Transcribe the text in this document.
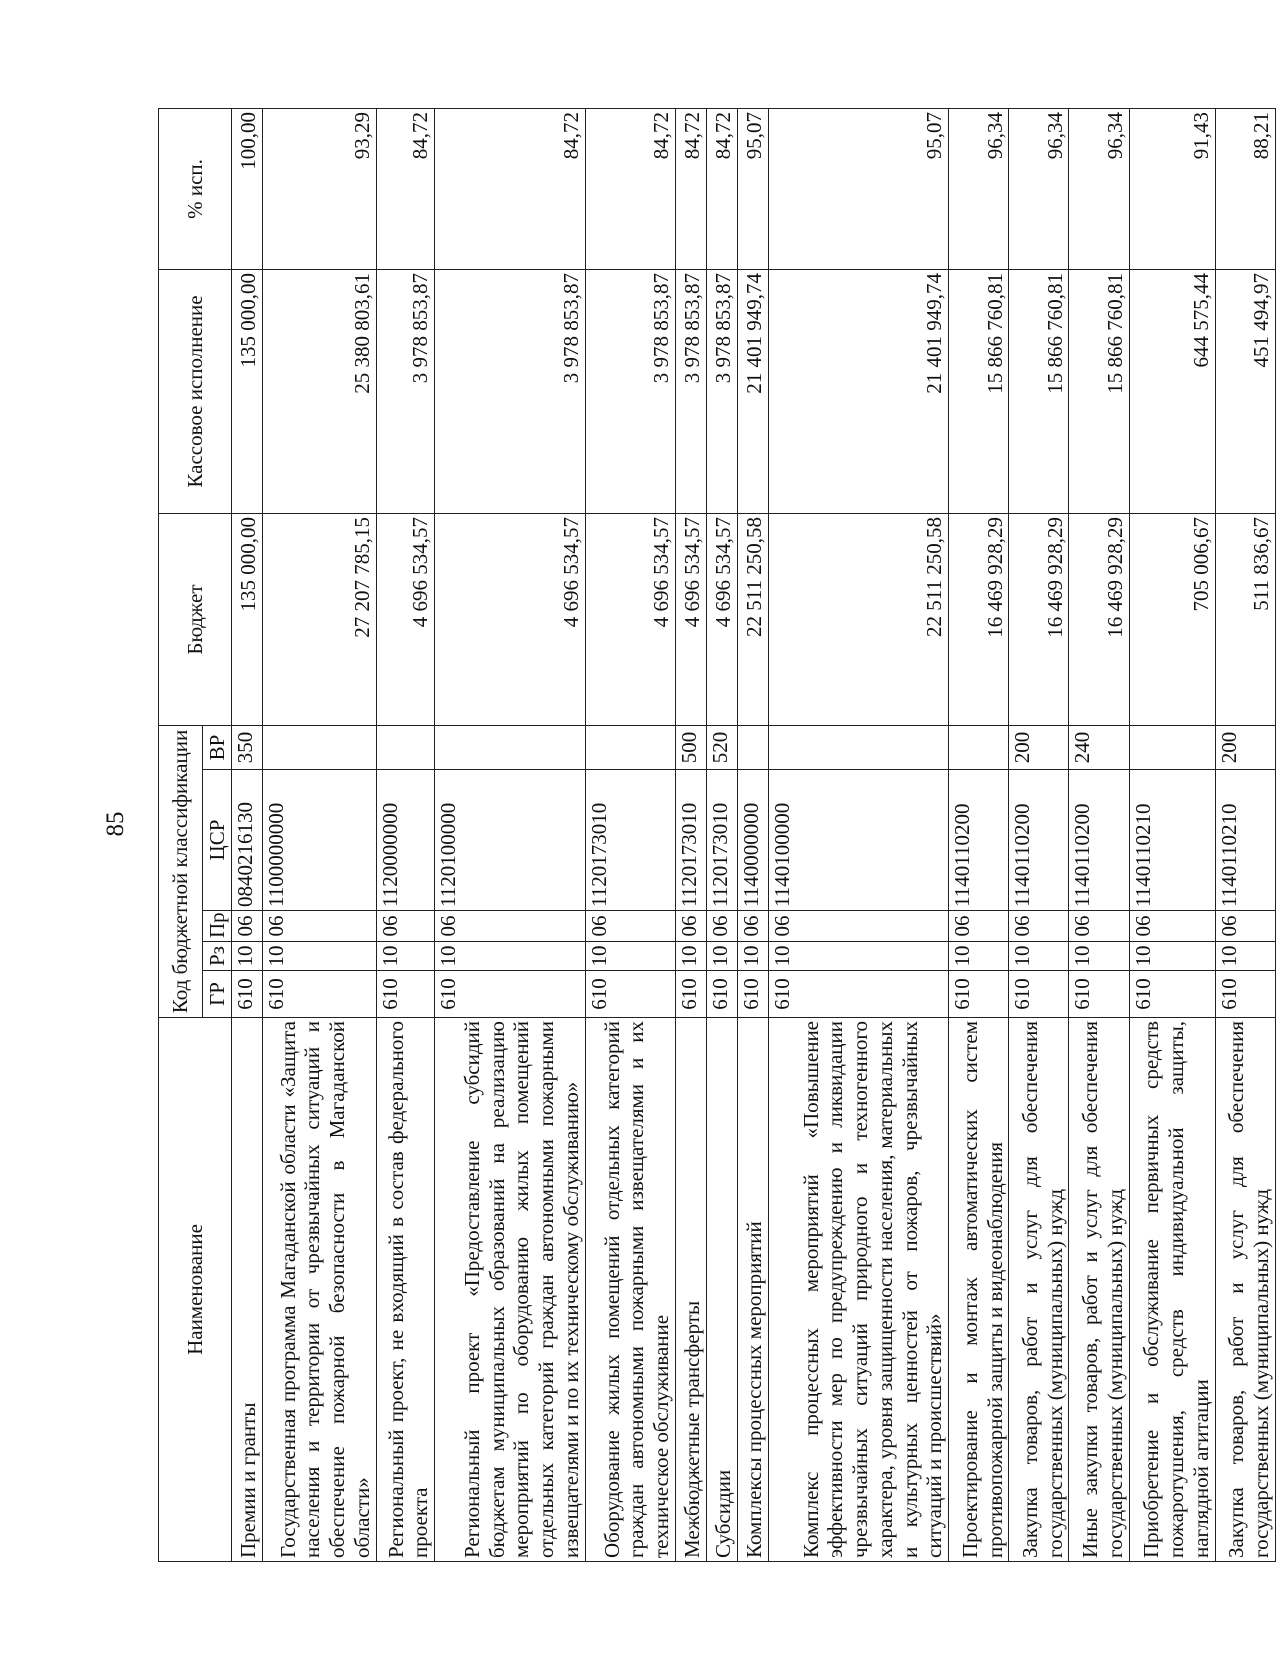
85
Наименование	Код бюджетной классификации					Бюджет	Кассовое исполнение	% исп.
	ГР	Рз	Пр	ЦСР	ВР			
Премии и гранты	610	10	06	0840216130	350	135 000,00	135 000,00	100,00
Государственная программа Магаданской области «Защита населения и территории от чрезвычайных ситуаций и обеспечение пожарной безопасности в Магаданской области»	610	10	06	1100000000		27 207 785,15	25 380 803,61	93,29
Региональный проект, не входящий в состав федерального проекта	610	10	06	1120000000		4 696 534,57	3 978 853,87	84,72
Региональный проект «Предоставление субсидий бюджетам муниципальных образований на реализацию мероприятий по оборудованию жилых помещений отдельных категорий граждан автономными пожарными извещателями и по их техническому обслуживанию»	610	10	06	1120100000		4 696 534,57	3 978 853,87	84,72
Оборудование жилых помещений отдельных категорий граждан автономными пожарными извещателями и их техническое обслуживание	610	10	06	1120173010		4 696 534,57	3 978 853,87	84,72
Межбюджетные трансферты	610	10	06	1120173010	500	4 696 534,57	3 978 853,87	84,72
Субсидии	610	10	06	1120173010	520	4 696 534,57	3 978 853,87	84,72
Комплексы процессных мероприятий	610	10	06	1140000000		22 511 250,58	21 401 949,74	95,07
Комплекс процессных мероприятий «Повышение эффективности мер по предупреждению и ликвидации чрезвычайных ситуаций природного и техногенного характера, уровня защищенности населения, материальных и культурных ценностей от пожаров, чрезвычайных ситуаций и происшествий»	610	10	06	1140100000		22 511 250,58	21 401 949,74	95,07
Проектирование и монтаж автоматических систем противопожарной защиты и видеонаблюдения	610	10	06	1140110200		16 469 928,29	15 866 760,81	96,34
Закупка товаров, работ и услуг для обеспечения государственных (муниципальных) нужд	610	10	06	1140110200	200	16 469 928,29	15 866 760,81	96,34
Иные закупки товаров, работ и услуг для обеспечения государственных (муниципальных) нужд	610	10	06	1140110200	240	16 469 928,29	15 866 760,81	96,34
Приобретение и обслуживание первичных средств пожаротушения, средств индивидуальной защиты, наглядной агитации	610	10	06	1140110210		705 006,67	644 575,44	91,43
Закупка товаров, работ и услуг для обеспечения государственных (муниципальных) нужд	610	10	06	1140110210	200	511 836,67	451 494,97	88,21
